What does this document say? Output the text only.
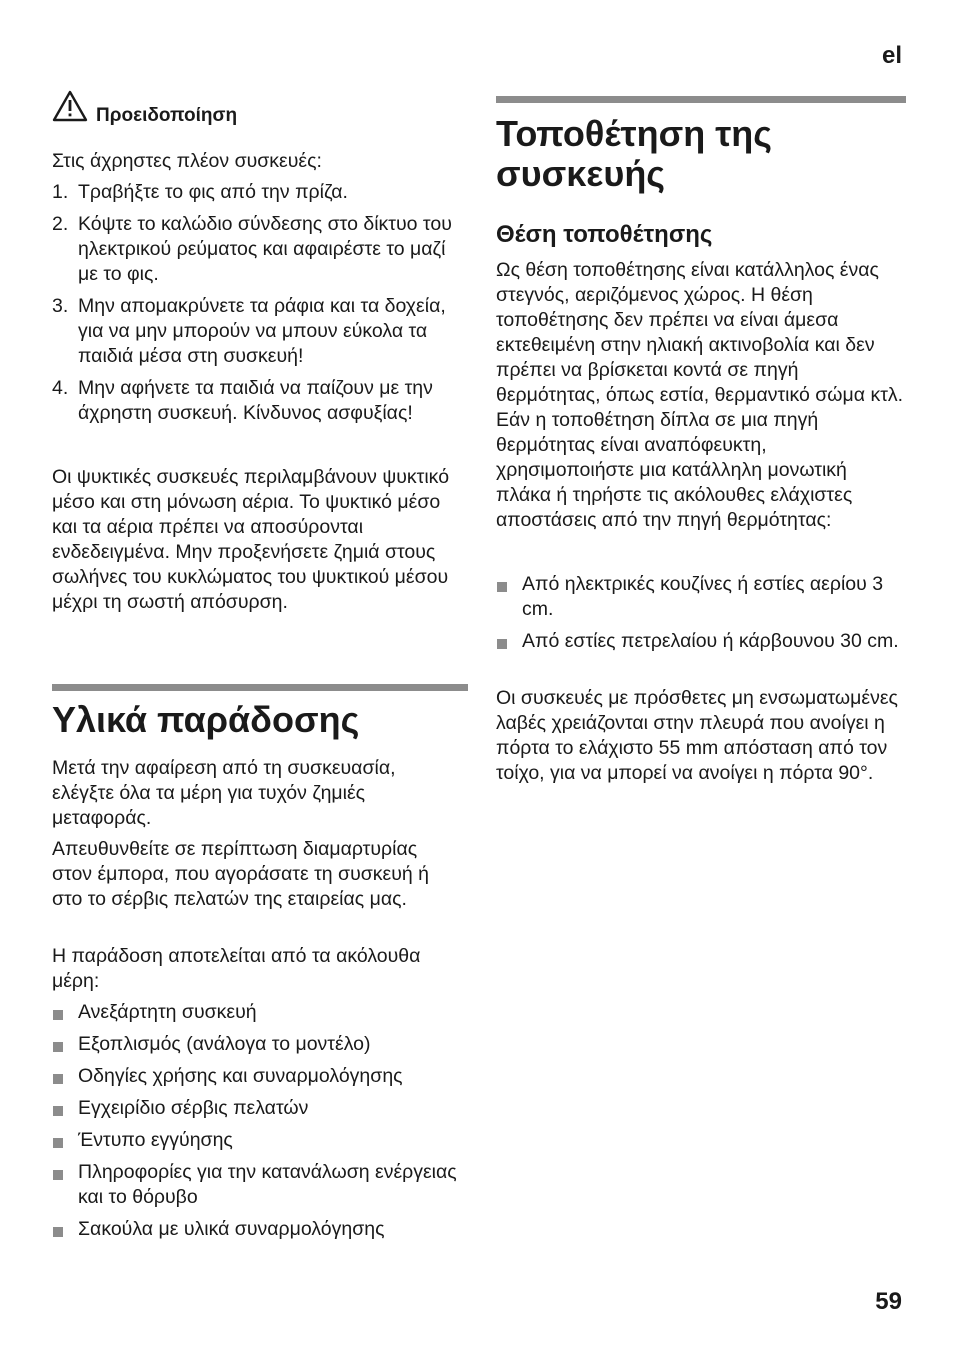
el
Προειδοποίηση

Στις άχρηστες πλέον συσκευές:

1. Τραβήξτε το φις από την πρίζα.
2. Κόψτε το καλώδιο σύνδεσης στο δίκτυο του ηλεκτρικού ρεύματος και αφαιρέστε το μαζί με το φις.
3. Μην απομακρύνετε τα ράφια και τα δοχεία, για να μην μπορούν να μπουν εύκολα τα παιδιά μέσα στη συσκευή!
4. Μην αφήνετε τα παιδιά να παίζουν με την άχρηστη συσκευή. Κίνδυνος ασφυξίας!

Οι ψυκτικές συσκευές περιλαμβάνουν ψυκτικό μέσο και στη μόνωση αέρια. Το ψυκτικό μέσο και τα αέρια πρέπει να αποσύρονται ενδεδειγμένα. Μην προξενήσετε ζημιά στους σωλήνες του κυκλώματος του ψυκτικού μέσου μέχρι τη σωστή απόσυρση.

Υλικά παράδοσης

Μετά την αφαίρεση από τη συσκευασία, ελέγξτε όλα τα μέρη για τυχόν ζημιές μεταφοράς.

Απευθυνθείτε σε περίπτωση διαμαρτυρίας στον έμπορα, που αγοράσατε τη συσκευή ή στο το σέρβις πελατών της εταιρείας μας.

Η παράδοση αποτελείται από τα ακόλουθα μέρη:

Ανεξάρτητη συσκευή
Εξοπλισμός (ανάλογα το μοντέλο)
Οδηγίες χρήσης και συναρμολόγησης
Εγχειρίδιο σέρβις πελατών
Έντυπο εγγύησης
Πληροφορίες για την κατανάλωση ενέργειας και το θόρυβο
Σακούλα με υλικά συναρμολόγησης
Τοποθέτηση της συσκευής
Θέση τοποθέτησης

Ως θέση τοποθέτησης είναι κατάλληλος ένας στεγνός, αεριζόμενος χώρος. Η θέση τοποθέτησης δεν πρέπει να είναι άμεσα εκτεθειμένη στην ηλιακή ακτινοβολία και δεν πρέπει να βρίσκεται κοντά σε πηγή θερμότητας, όπως εστία, θερμαντικό σώμα κτλ. Εάν η τοποθέτηση δίπλα σε μια πηγή θερμότητας είναι αναπόφευκτη, χρησιμοποιήστε μια κατάλληλη μονωτική πλάκα ή τηρήστε τις ακόλουθες ελάχιστες αποστάσεις από την πηγή θερμότητας:

Από ηλεκτρικές κουζίνες ή εστίες αερίου 3 cm.
Από εστίες πετρελαίου ή κάρβουνου 30 cm.

Οι συσκευές με πρόσθετες μη ενσωματωμένες λαβές χρειάζονται στην πλευρά που ανοίγει η πόρτα το ελάχιστο 55 mm απόσταση από τον τοίχο, για να μπορεί να ανοίγει η πόρτα 90°.

59
